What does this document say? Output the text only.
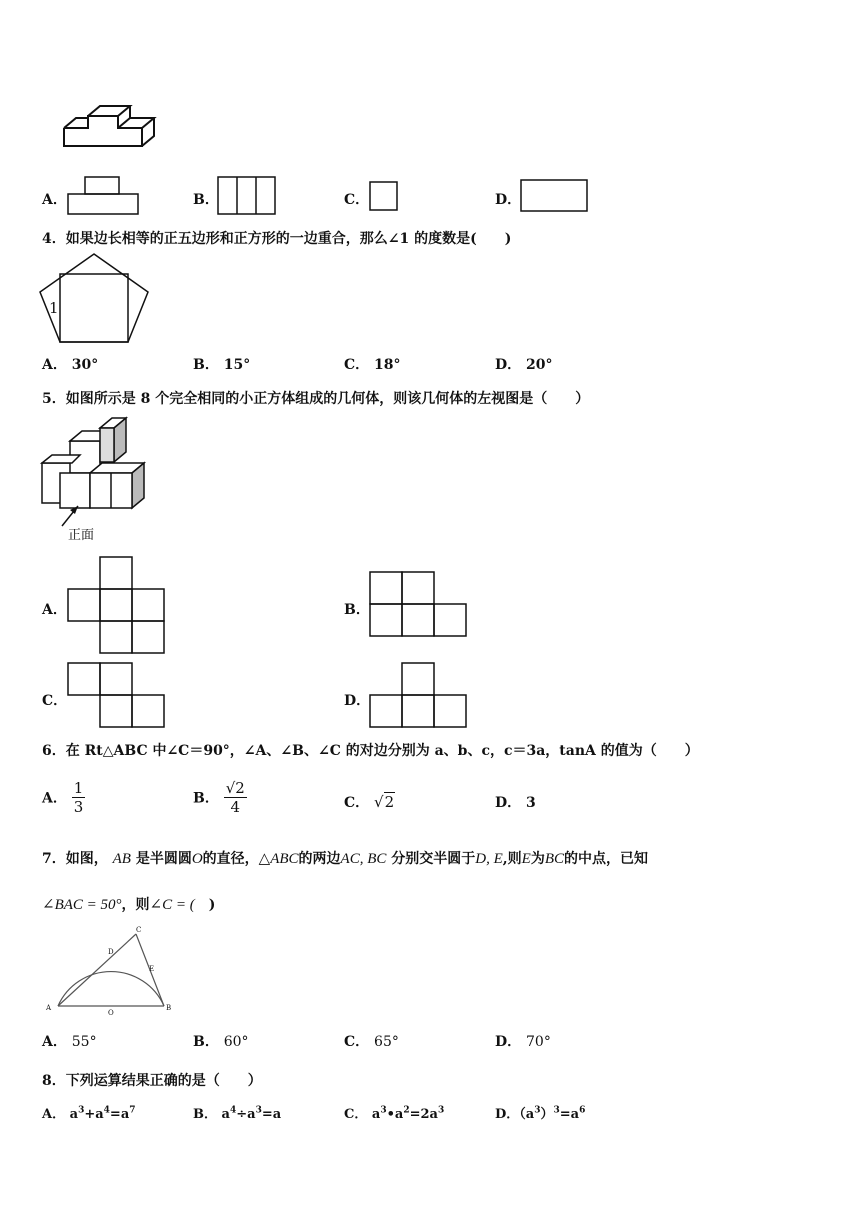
A．	B．	C．	D．
4．如果边长相等的正五边形和正方形的一边重合，那么∠1 的度数是(　　)
1
A． 30°	B． 15°	C． 18°	D． 20°
5．如图所示是 8 个完全相同的小正方体组成的几何体，则该几何体的左视图是（　　）
正面
A．	B．
C．	D．
6．在 Rt△ABC 中∠C＝90°，∠A、∠B、∠C 的对边分别为 a、b、c，c＝3a，tanA 的值为（　　）
A． $\frac{1}{3}$	B． $\frac{√2}{4}$	C． √2	D． 3
7．如图， AB 是半圆圆O的直径，△ABC的两边AC, BC 分别交半圆于D, E,则E为BC的中点，已知
∠BAC = 50°，则∠C = (　)
C
D
E
A	B
O
A． 55°	B． 60°	C． 65°	D． 70°
8．下列运算结果正确的是（　　）
A． $a^3+a^4=a^7$	B． $a^4\div a^3=a$	C． $a^3•a^2=2a^3$	D．$(a^3)^3=a^6$
